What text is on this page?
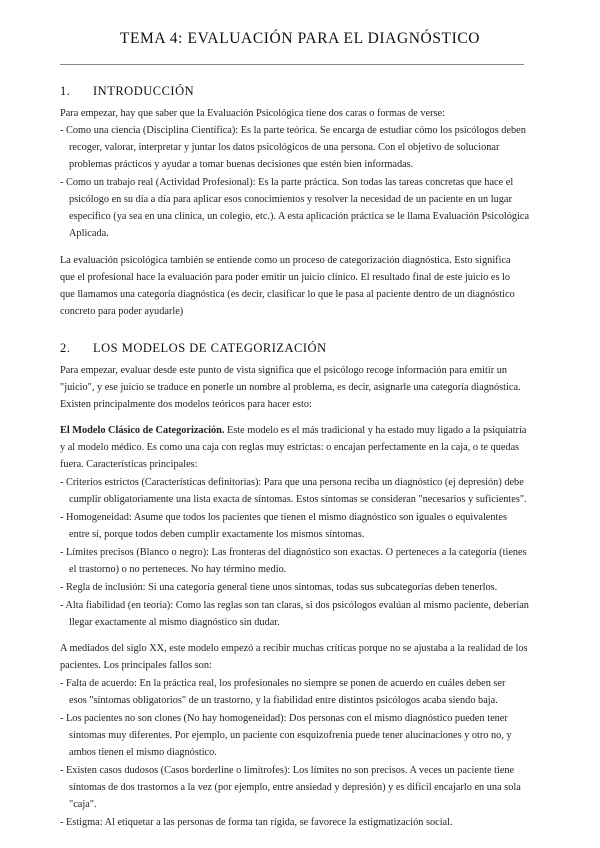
TEMA 4: EVALUACIÓN PARA EL DIAGNÓSTICO
1. INTRODUCCIÓN
Para empezar, hay que saber que la Evaluación Psicológica tiene dos caras o formas de verse:
- Como una ciencia (Disciplina Científica): Es la parte teórica. Se encarga de estudiar cómo los psicólogos deben
recoger, valorar, interpretar y juntar los datos psicológicos de una persona. Con el objetivo de solucionar
problemas prácticos y ayudar a tomar buenas decisiones que estén bien informadas.
- Como un trabajo real (Actividad Profesional): Es la parte práctica. Son todas las tareas concretas que hace el
psicólogo en su día a día para aplicar esos conocimientos y resolver la necesidad de un paciente en un lugar
específico (ya sea en una clínica, un colegio, etc.). A esta aplicación práctica se le llama Evaluación Psicológica
Aplicada.
La evaluación psicológica también se entiende como un proceso de categorización diagnóstica. Esto significa
que el profesional hace la evaluación para poder emitir un juicio clínico. El resultado final de este juicio es lo
que llamamos una categoría diagnóstica (es decir, clasificar lo que le pasa al paciente dentro de un diagnóstico
concreto para poder ayudarle)
2. LOS MODELOS DE CATEGORIZACIÓN
Para empezar, evaluar desde este punto de vista significa que el psicólogo recoge información para emitir un
"juicio", y ese juicio se traduce en ponerle un nombre al problema, es decir, asignarle una categoría diagnóstica.
Existen principalmente dos modelos teóricos para hacer esto:
El Modelo Clásico de Categorización. Este modelo es el más tradicional y ha estado muy ligado a la psiquiatría
y al modelo médico. Es como una caja con reglas muy estrictas: o encajan perfectamente en la caja, o te quedas
fuera. Características principales:
- Criterios estrictos (Características definitorias): Para que una persona reciba un diagnóstico (ej depresión) debe
cumplir obligatoriamente una lista exacta de síntomas. Estos síntomas se consideran "necesarios y suficientes".
- Homogeneidad: Asume que todos los pacientes que tienen el mismo diagnóstico son iguales o equivalentes
entre sí, porque todos deben cumplir exactamente los mismos síntomas.
- Límites precisos (Blanco o negro): Las fronteras del diagnóstico son exactas. O perteneces a la categoría (tienes
el trastorno) o no perteneces. No hay término medio.
- Regla de inclusión: Si una categoría general tiene unos síntomas, todas sus subcategorías deben tenerlos.
- Alta fiabilidad (en teoría): Como las reglas son tan claras, si dos psicólogos evalúan al mismo paciente, deberían
llegar exactamente al mismo diagnóstico sin dudar.
A mediados del siglo XX, este modelo empezó a recibir muchas críticas porque no se ajustaba a la realidad de los
pacientes. Los principales fallos son:
- Falta de acuerdo: En la práctica real, los profesionales no siempre se ponen de acuerdo en cuáles deben ser
esos "síntomas obligatorios" de un trastorno, y la fiabilidad entre distintos psicólogos acaba siendo baja.
- Los pacientes no son clones (No hay homogeneidad): Dos personas con el mismo diagnóstico pueden tener
síntomas muy diferentes. Por ejemplo, un paciente con esquizofrenia puede tener alucinaciones y otro no, y
ambos tienen el mismo diagnóstico.
- Existen casos dudosos (Casos borderline o limítrofes): Los límites no son precisos. A veces un paciente tiene
síntomas de dos trastornos a la vez (por ejemplo, entre ansiedad y depresión) y es difícil encajarlo en una sola
"caja".
- Estigma: Al etiquetar a las personas de forma tan rígida, se favorece la estigmatización social.
